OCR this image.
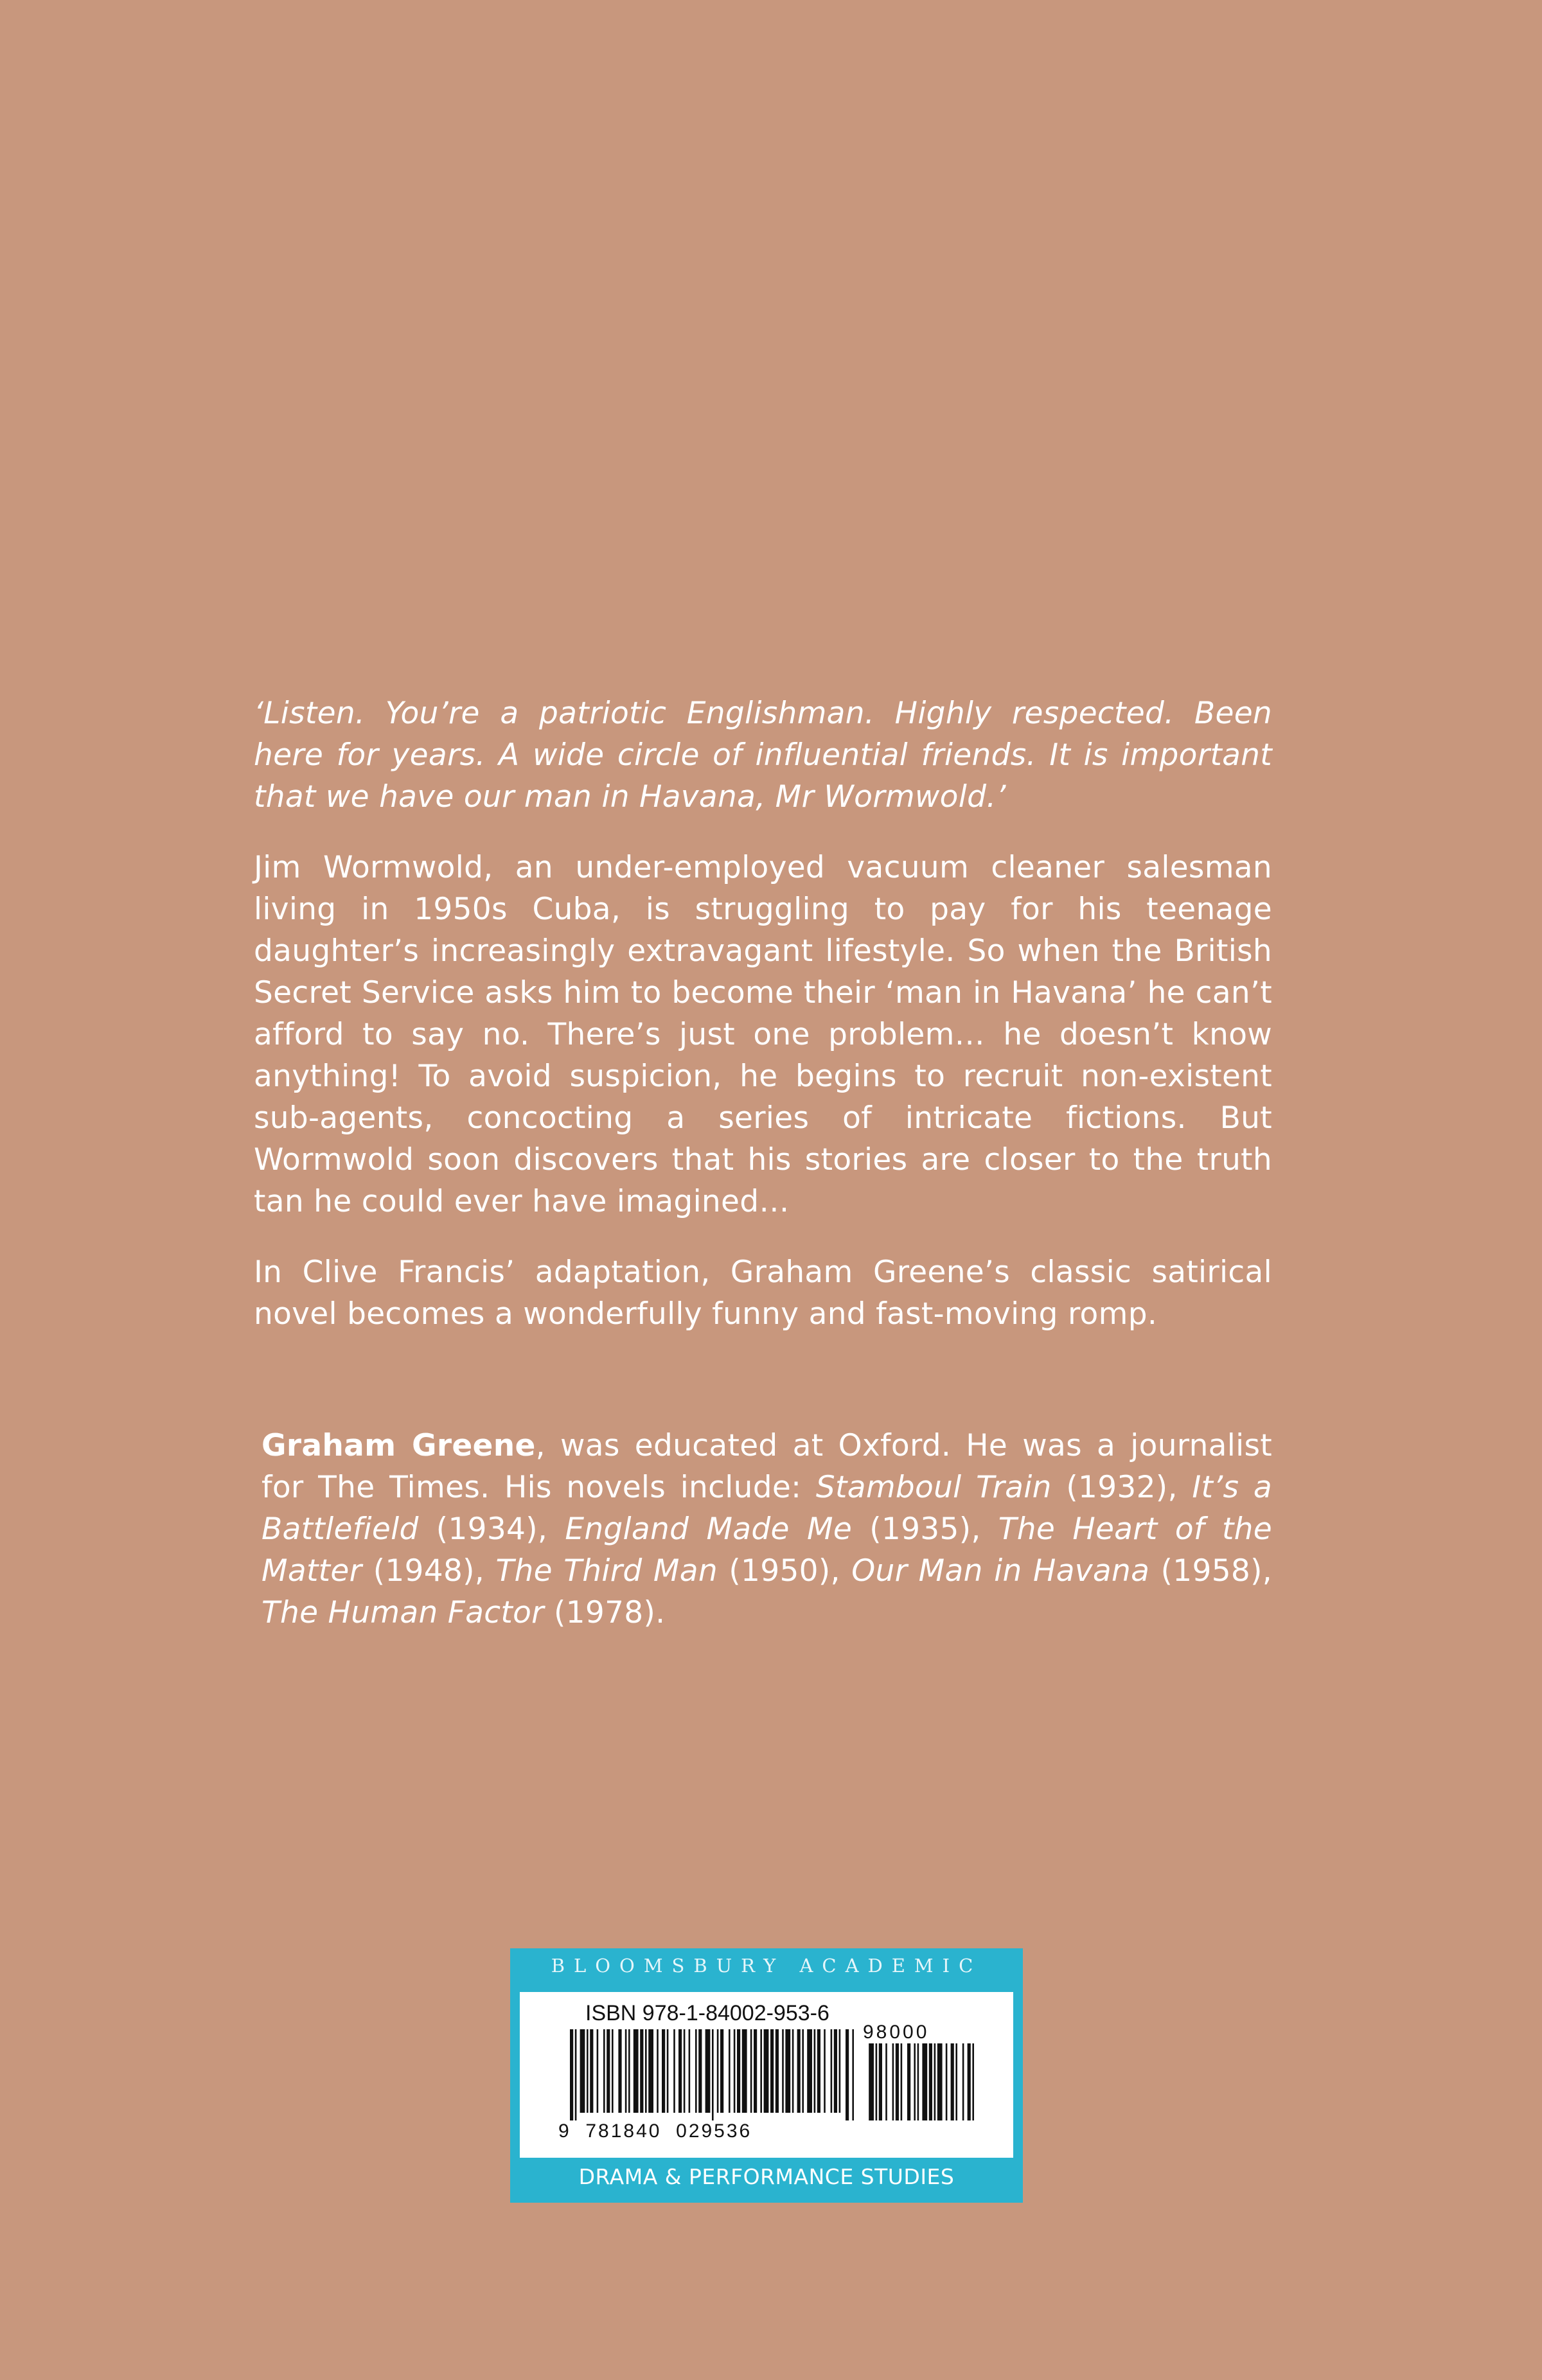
‘Listen. You’re a patriotic Englishman. Highly respected. Been here for years. A wide circle of influential friends. It is important that we have our man in Havana, Mr Wormwold.’

Jim Wormwold, an under-employed vacuum cleaner salesman living in 1950s Cuba, is struggling to pay for his teenage daughter’s increasingly extravagant lifestyle. So when the British Secret Service asks him to become their ‘man in Havana’ he can’t afford to say no. There’s just one problem… he doesn’t know anything! To avoid suspicion, he begins to recruit non-existent sub-agents, concocting a series of intricate fictions. But Wormwold soon discovers that his stories are closer to the truth tan he could ever have imagined…

In Clive Francis’ adaptation, Graham Greene’s classic satirical novel becomes a wonderfully funny and fast-moving romp.

Graham Greene, was educated at Oxford. He was a journalist for The Times. His novels include: Stamboul Train (1932), It’s a Battlefield (1934), England Made Me (1935), The Heart of the Matter (1948), The Third Man (1950), Our Man in Havana (1958), The Human Factor (1978).
BLOOMSBURY ACADEMIC
ISBN 978-1-84002-953-6
98000
9  781840  029536
DRAMA & PERFORMANCE STUDIES
